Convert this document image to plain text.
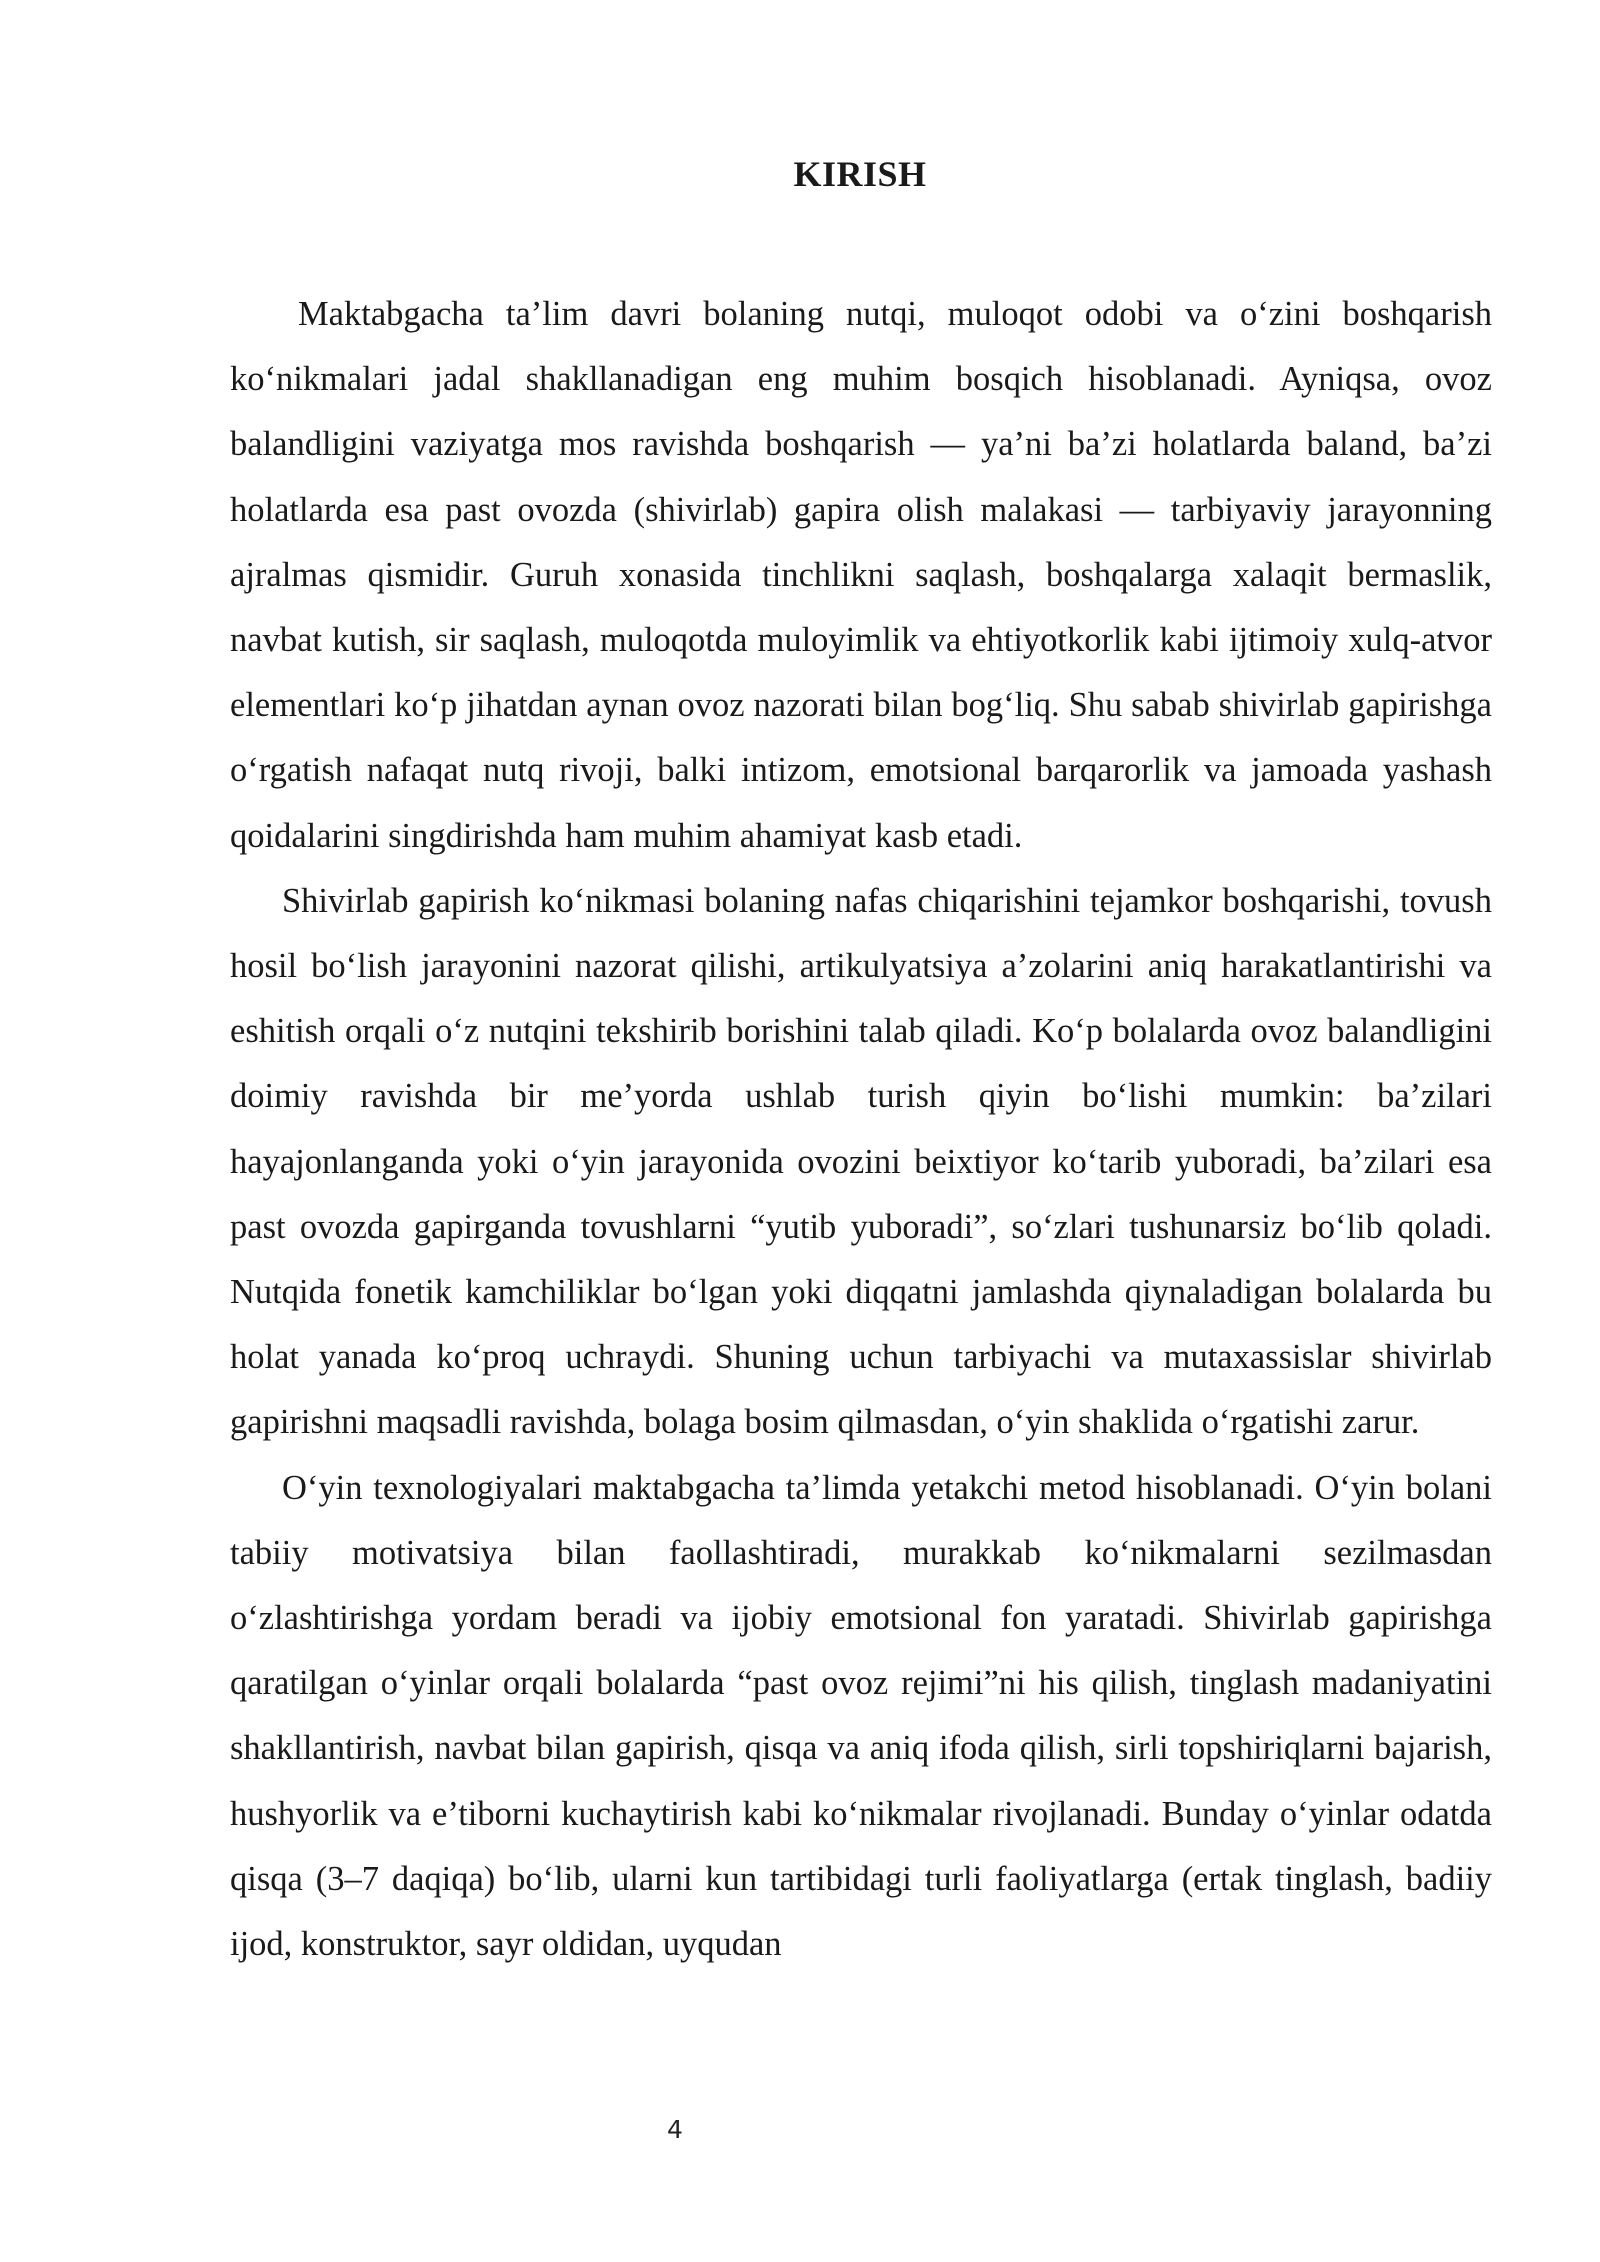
KIRISH

Maktabgacha ta’lim davri bolaning nutqi, muloqot odobi va o‘zini boshqarish ko‘nikmalari jadal shakllanadigan eng muhim bosqich hisoblanadi. Ayniqsa, ovoz balandligini vaziyatga mos ravishda boshqarish — ya’ni ba’zi holatlarda baland, ba’zi holatlarda esa past ovozda (shivirlab) gapira olish malakasi — tarbiyaviy jarayonning ajralmas qismidir. Guruh xonasida tinchlikni saqlash, boshqalarga xalaqit bermaslik, navbat kutish, sir saqlash, muloqotda muloyimlik va ehtiyotkorlik kabi ijtimoiy xulq-atvor elementlari ko‘p jihatdan aynan ovoz nazorati bilan bog‘liq. Shu sabab shivirlab gapirishga o‘rgatish nafaqat nutq rivoji, balki intizom, emotsional barqarorlik va jamoada yashash qoidalarini singdirishda ham muhim ahamiyat kasb etadi.

Shivirlab gapirish ko‘nikmasi bolaning nafas chiqarishini tejamkor boshqarishi, tovush hosil bo‘lish jarayonini nazorat qilishi, artikulyatsiya a’zolarini aniq harakatlantirishi va eshitish orqali o‘z nutqini tekshirib borishini talab qiladi. Ko‘p bolalarda ovoz balandligini doimiy ravishda bir me’yorda ushlab turish qiyin bo‘lishi mumkin: ba’zilari hayajonlanganda yoki o‘yin jarayonida ovozini beixtiyor ko‘tarib yuboradi, ba’zilari esa past ovozda gapirganda tovushlarni “yutib yuboradi”, so‘zlari tushunarsiz bo‘lib qoladi. Nutqida fonetik kamchiliklar bo‘lgan yoki diqqatni jamlashda qiynaladigan bolalarda bu holat yanada ko‘proq uchraydi. Shuning uchun tarbiyachi va mutaxassislar shivirlab gapirishni maqsadli ravishda, bolaga bosim qilmasdan, o‘yin shaklida o‘rgatishi zarur.

O‘yin texnologiyalari maktabgacha ta’limda yetakchi metod hisoblanadi. O‘yin bolani tabiiy motivatsiya bilan faollashtiradi, murakkab ko‘nikmalarni sezilmasdan o‘zlashtirishga yordam beradi va ijobiy emotsional fon yaratadi. Shivirlab gapirishga qaratilgan o‘yinlar orqali bolalarda “past ovoz rejimi”ni his qilish, tinglash madaniyatini shakllantirish, navbat bilan gapirish, qisqa va aniq ifoda qilish, sirli topshiriqlarni bajarish, hushyorlik va e’tiborni kuchaytirish kabi ko‘nikmalar rivojlanadi. Bunday o‘yinlar odatda qisqa (3–7 daqiqa) bo‘lib, ularni kun tartibidagi turli faoliyatlarga (ertak tinglash, badiiy ijod, konstruktor, sayr oldidan, uyqudan

4
